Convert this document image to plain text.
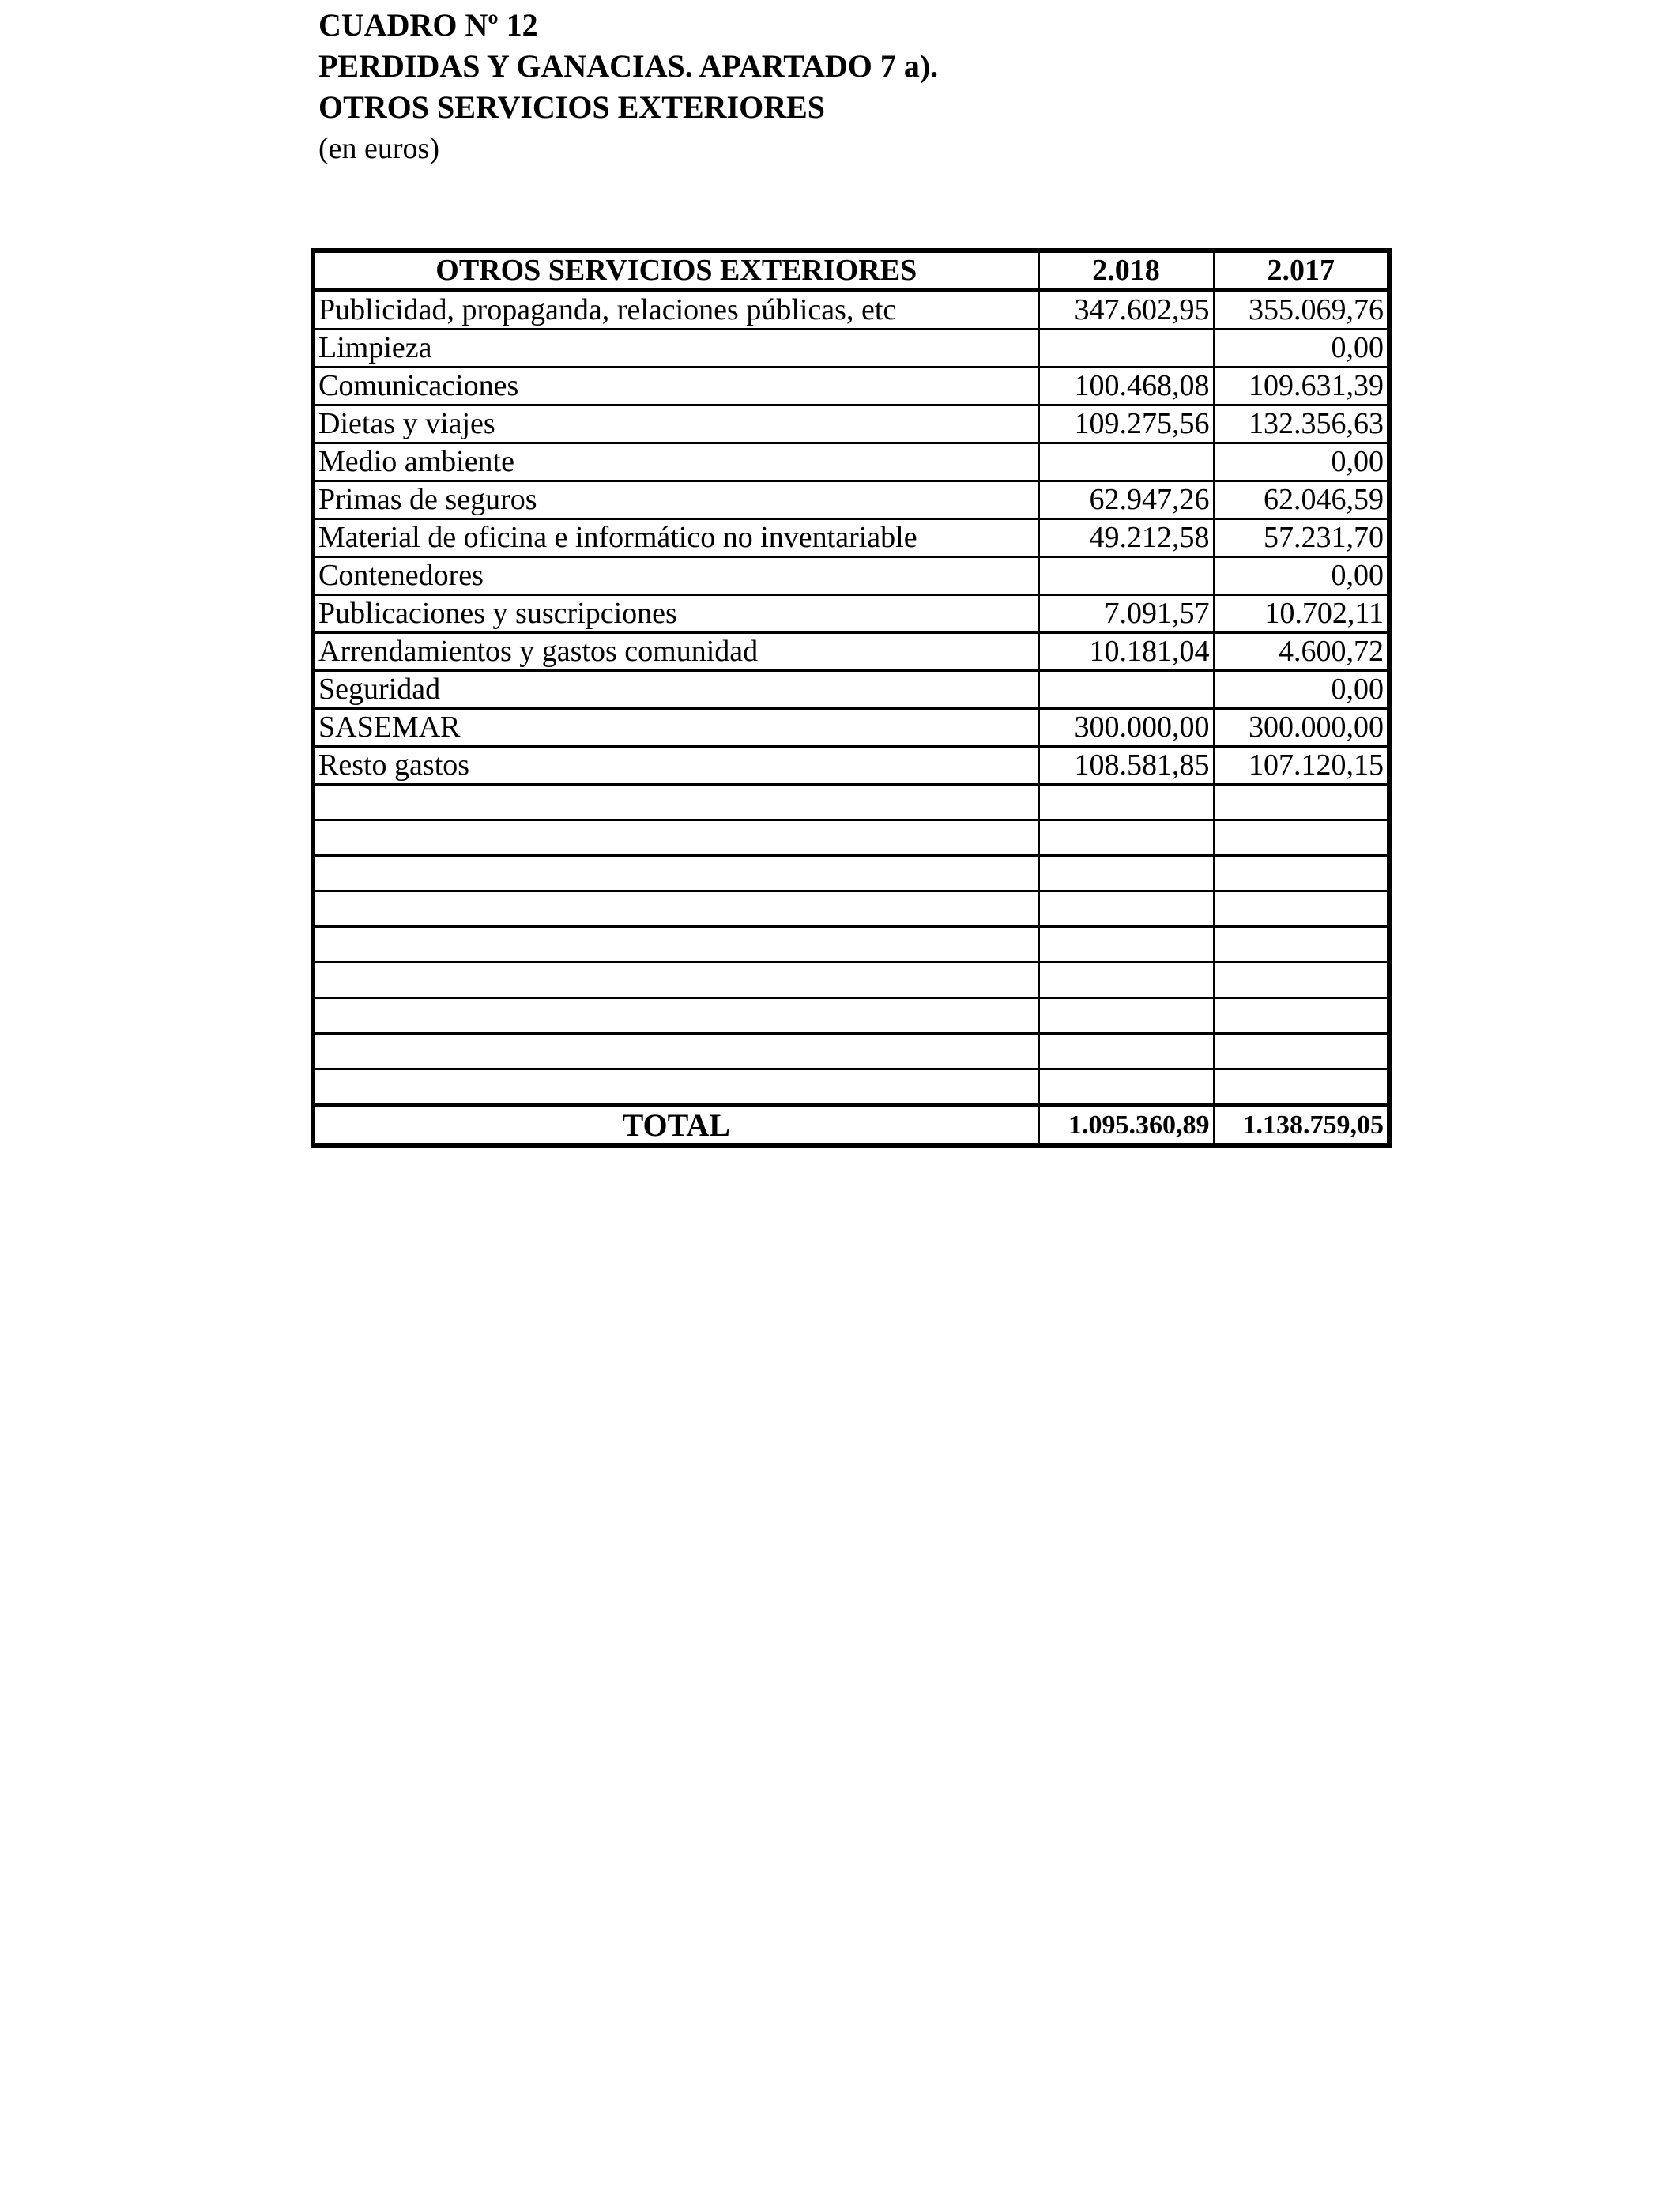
CUADRO Nº 12
PERDIDAS Y GANACIAS. APARTADO 7 a).
OTROS SERVICIOS EXTERIORES
(en euros)
OTROS SERVICIOS EXTERIORES	2.018	2.017
Publicidad, propaganda, relaciones públicas, etc	347.602,95	355.069,76
Limpieza		0,00
Comunicaciones	100.468,08	109.631,39
Dietas y viajes	109.275,56	132.356,63
Medio ambiente		0,00
Primas de seguros	62.947,26	62.046,59
Material de oficina e informático no inventariable	49.212,58	57.231,70
Contenedores		0,00
Publicaciones y suscripciones	7.091,57	10.702,11
Arrendamientos y gastos comunidad	10.181,04	4.600,72
Seguridad		0,00
SASEMAR	300.000,00	300.000,00
Resto gastos	108.581,85	107.120,15

TOTAL	1.095.360,89	1.138.759,05
